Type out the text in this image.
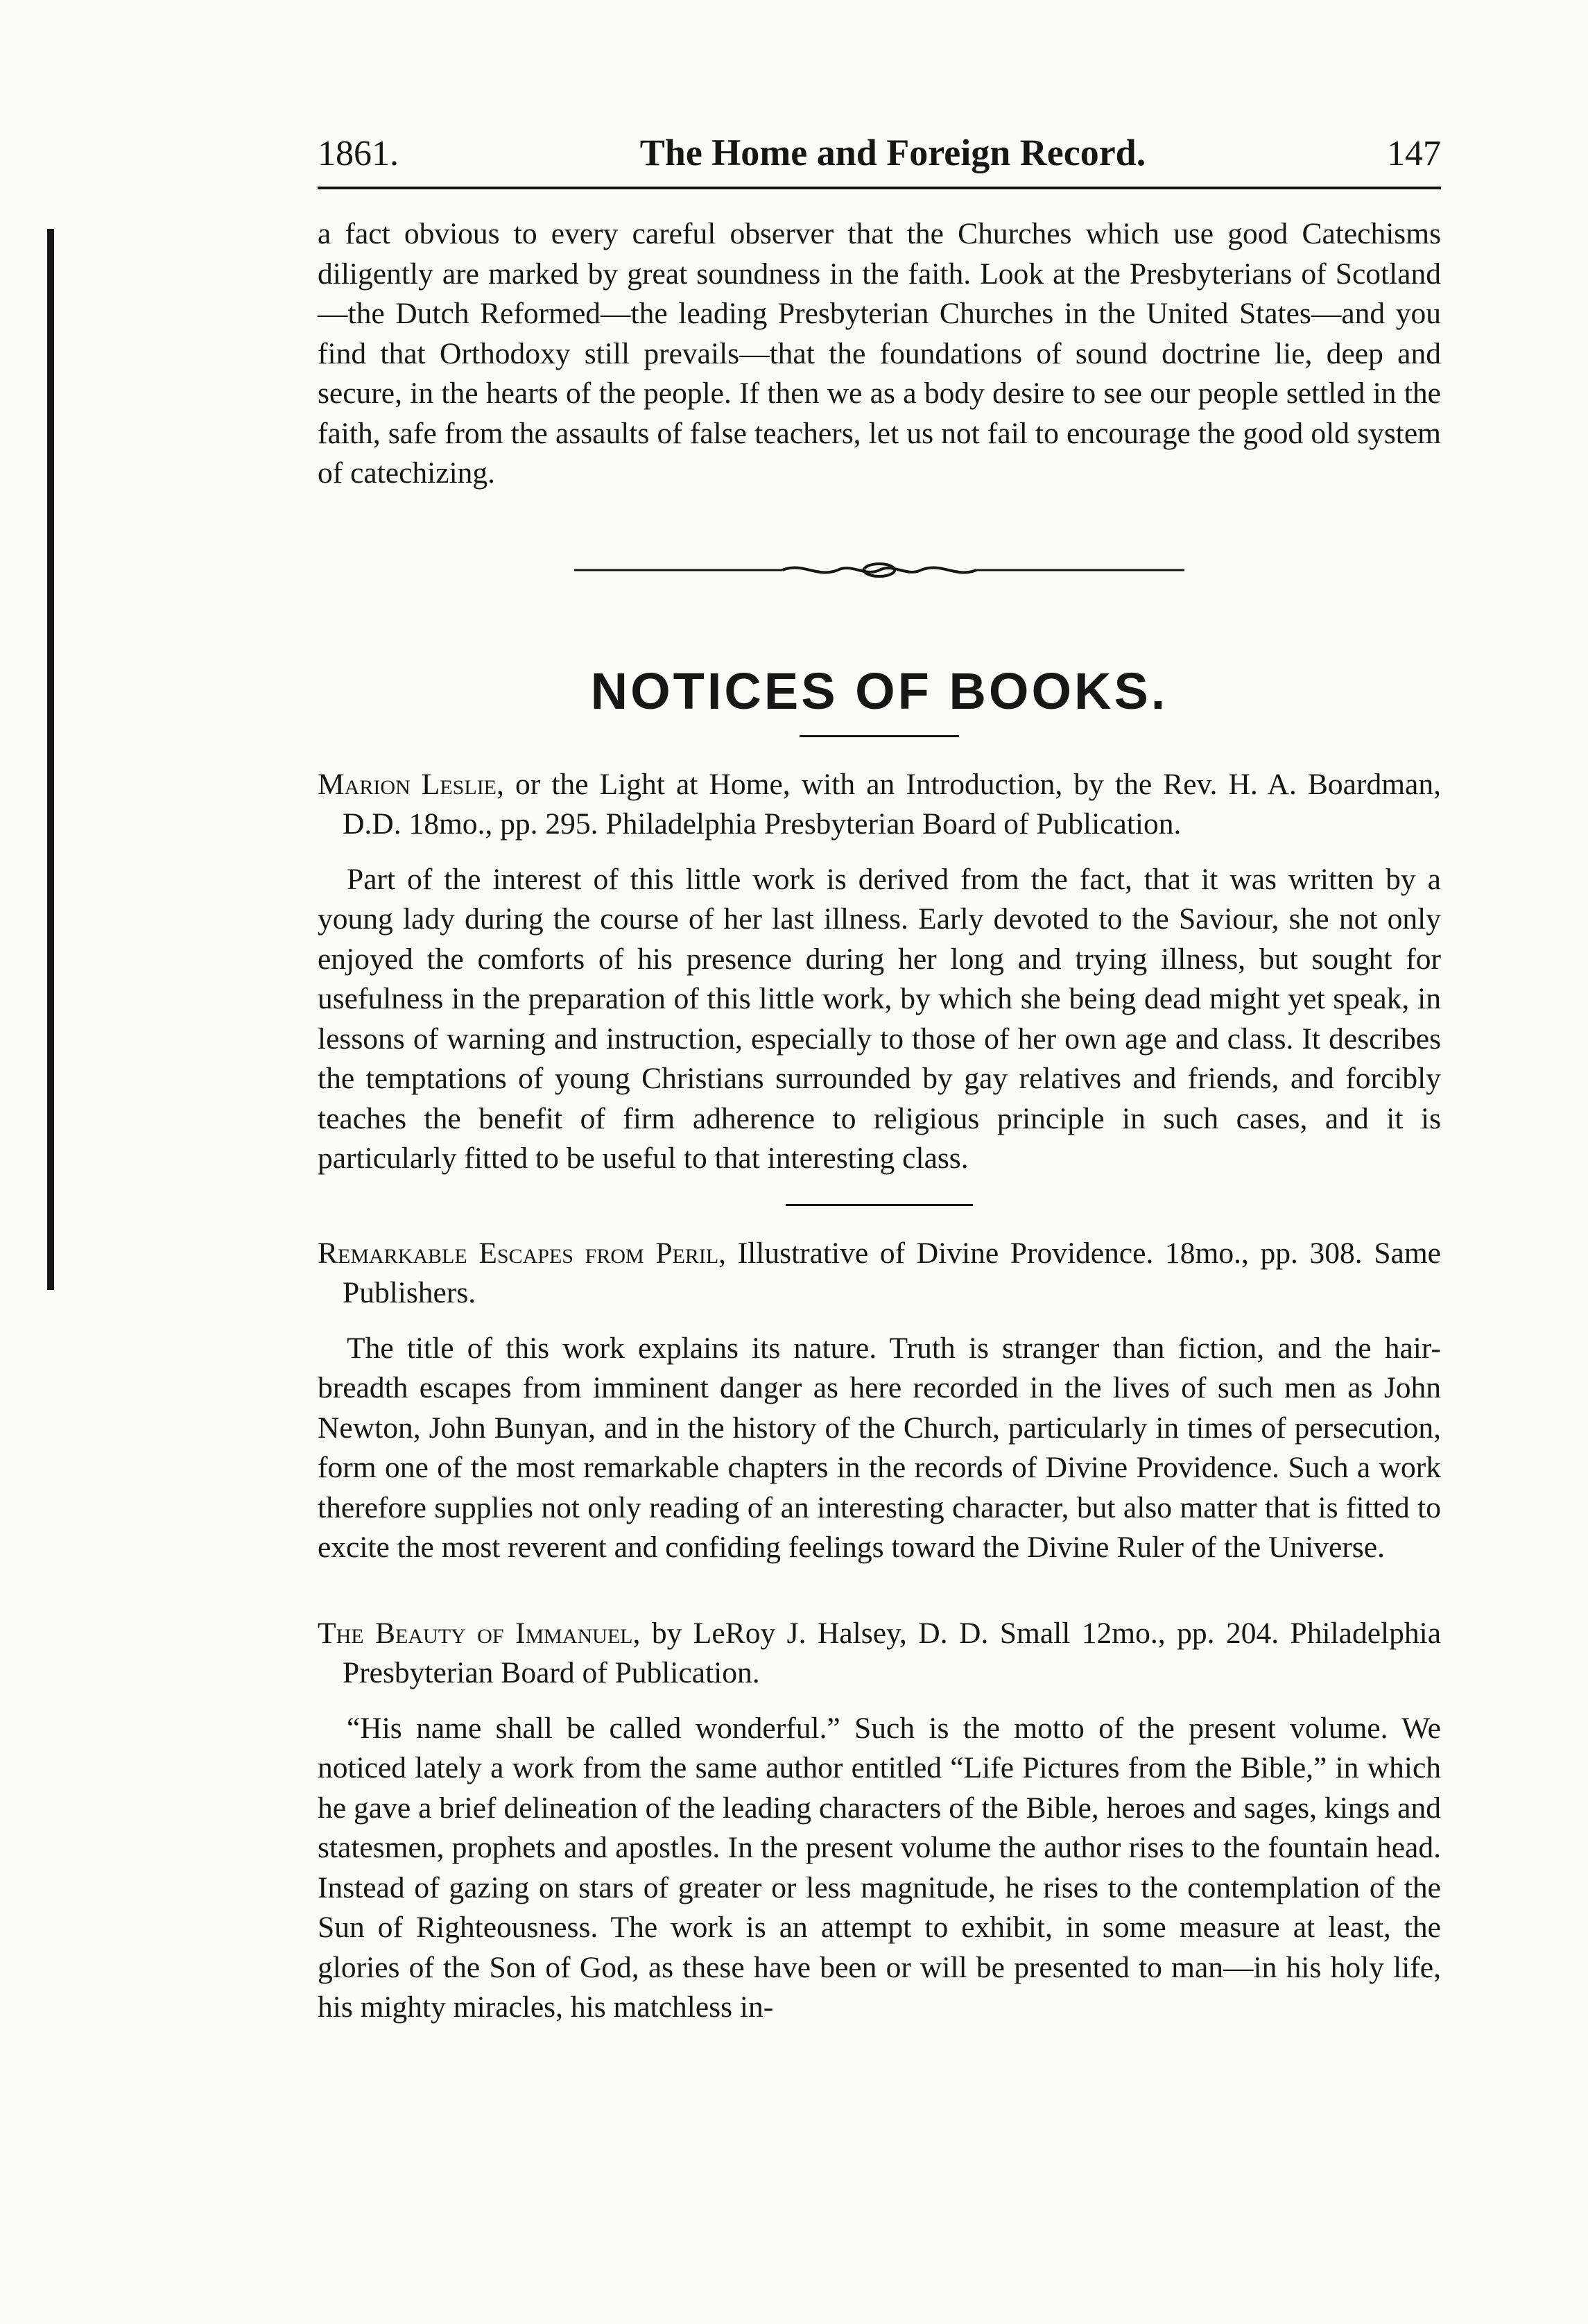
1861.	The Home and Foreign Record.	147

a fact obvious to every careful observer that the Churches which use good Catechisms diligently are marked by great soundness in the faith. Look at the Presbyterians of Scotland—the Dutch Reformed—the leading Presbyterian Churches in the United States—and you find that Orthodoxy still prevails—that the foundations of sound doctrine lie, deep and secure, in the hearts of the people. If then we as a body desire to see our people settled in the faith, safe from the assaults of false teachers, let us not fail to encourage the good old system of catechizing.

NOTICES OF BOOKS.
Marion Leslie, or the Light at Home, with an Introduction, by the Rev. H. A. Boardman, D.D. 18mo., pp. 295. Philadelphia Presbyterian Board of Publication.

Part of the interest of this little work is derived from the fact, that it was written by a young lady during the course of her last illness. Early devoted to the Saviour, she not only enjoyed the comforts of his presence during her long and trying illness, but sought for usefulness in the preparation of this little work, by which she being dead might yet speak, in lessons of warning and instruction, especially to those of her own age and class. It describes the temptations of young Christians surrounded by gay relatives and friends, and forcibly teaches the benefit of firm adherence to religious principle in such cases, and it is particularly fitted to be useful to that interesting class.

Remarkable Escapes from Peril, Illustrative of Divine Providence. 18mo., pp. 308. Same Publishers.

The title of this work explains its nature. Truth is stranger than fiction, and the hair-breadth escapes from imminent danger as here recorded in the lives of such men as John Newton, John Bunyan, and in the history of the Church, particularly in times of persecution, form one of the most remarkable chapters in the records of Divine Providence. Such a work therefore supplies not only reading of an interesting character, but also matter that is fitted to excite the most reverent and confiding feelings toward the Divine Ruler of the Universe.

The Beauty of Immanuel, by LeRoy J. Halsey, D. D. Small 12mo., pp. 204. Philadelphia Presbyterian Board of Publication.

“His name shall be called wonderful.” Such is the motto of the present volume. We noticed lately a work from the same author entitled “Life Pictures from the Bible,” in which he gave a brief delineation of the leading characters of the Bible, heroes and sages, kings and statesmen, prophets and apostles. In the present volume the author rises to the fountain head. Instead of gazing on stars of greater or less magnitude, he rises to the contemplation of the Sun of Righteousness. The work is an attempt to exhibit, in some measure at least, the glories of the Son of God, as these have been or will be presented to man—in his holy life, his mighty miracles, his matchless in-
